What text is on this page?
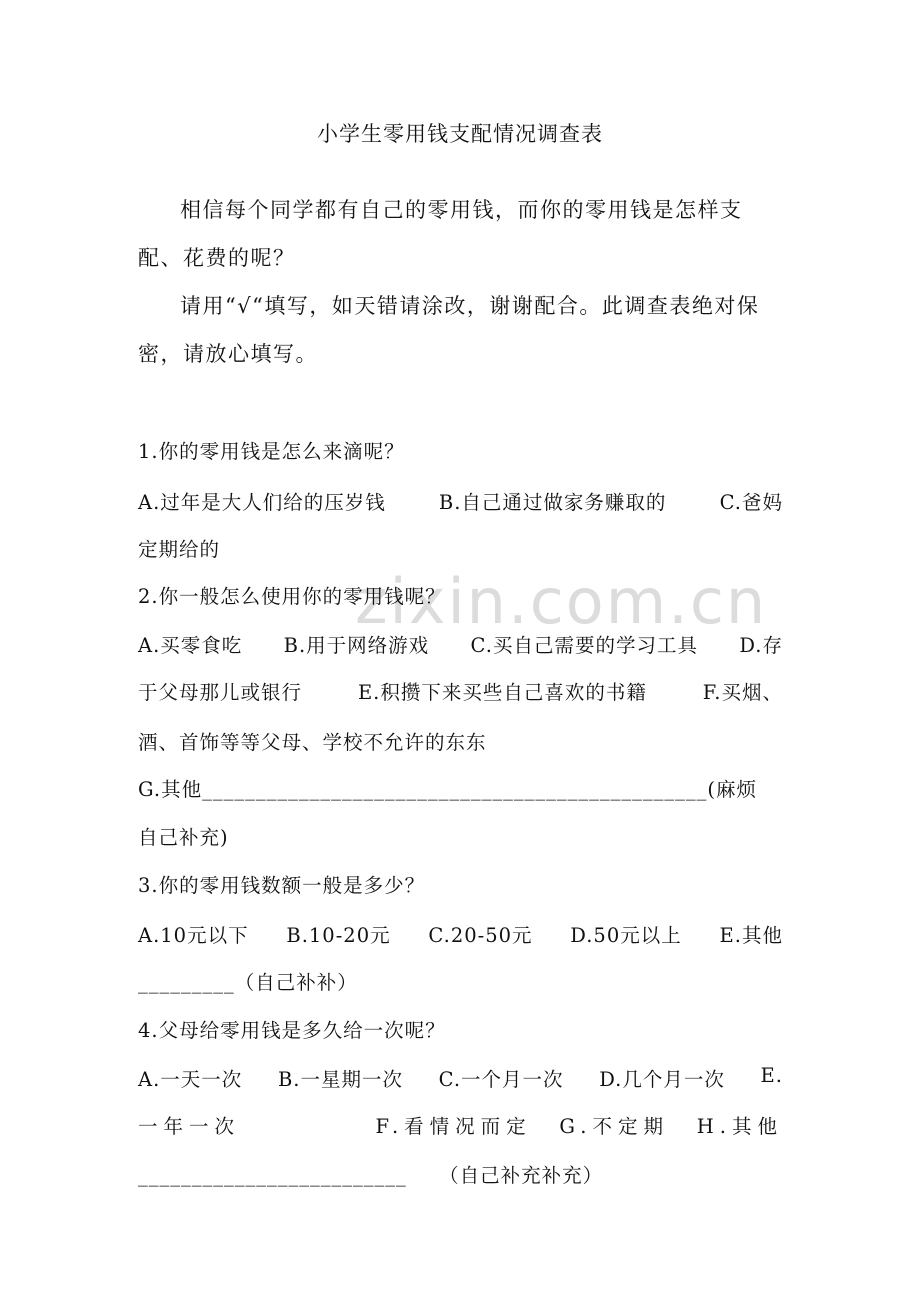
zixin.com.cn
小学生零用钱支配情况调查表
相信每个同学都有自己的零用钱，而你的零用钱是怎样支配、花费的呢？
请用“√“填写，如天错请涂改，谢谢配合。此调查表绝对保密，请放心填写。
1.你的零用钱是怎么来滴呢？
A.过年是大人们给的压岁钱	B.自己通过做家务赚取的	C.爸妈
定期给的
2.你一般怎么使用你的零用钱呢？
A.买零食吃 B.用于网络游戏 C.买自己需要的学习工具 D.存
于父母那儿或银行	E.积攒下来买些自己喜欢的书籍	F.买烟、
酒、首饰等等父母、学校不允许的东东
G.其他_______________________________________________(麻烦
自己补充)
3.你的零用钱数额一般是多少？
A.10元以下 B.10-20元 C.20-50元 D.50元以上 E.其他
_________（自己补补）
4.父母给零用钱是多久给一次呢？
A.一天一次 B.一星期一次 C.一个月一次 D.几个月一次 E.
一年一次	F.看情况而定 G.不定期 H.其他
_________________________ （自己补充补充）
